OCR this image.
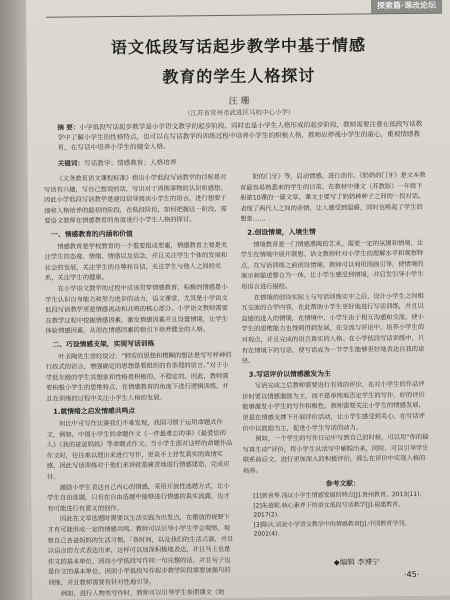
探索篇·课改论坛
语文低段写话起步教学中基于情感
教育的学生人格探讨
汪 珊
（江苏省常州市武进区马杭中心小学）
摘 要：小学低段写话起步教学是小学语文教学的起步阶段，同时也是小学生人格形成的起步阶段，教师需要注意在低段写话教学中了解小学生的性格特点，也可以在写话教学的训练过程中培养小学生的积极人格，教师应停视小学生的童心，重视情感教育，在写话中培养小学生的健全人格。
关键词：写话教学；情感教育；人格培养

《义务教育语文课程标准》指出小学低段写话教学的目标是对写话有兴趣，写自己想说的话，写出对于周围事物的认识和感想。因此小学低段写话教学是建设信导阅读小学生的语言，进行想要于细和人格培养的最初的阶段，在低段阶段，如何把握这一阶段，需要语文教师在情感教育的角度进行小学生人格的探讨。

一、情感教育的内涵和价值

情感教育是学校教育的一个重要组成要素，情感教育主要是关注学生的态度、情绪、情感以及信念，并且关注学生个体的发展和社会的发展，关注学生的自尊和自信，关注学生与他人之间的关系，关注学生的健康。

在小学语文教学的过程中应该贯穿情感教育，积极的情感是小学生认识自身能力和努力进步的动力，语文课堂，尤其是小学语文低段写话教学更是情感流动和共鸣的核心部分。小学语文教师需要在教学过程中挖掘情感因素，激发情感因素并且设置情境，让学生体验情感因素，从而在情感因素的指引下培养健全的人格。

二、巧设情感支架，实现写话训练

叶圣陶先生曾经说过：“假若的思想和模糊的想法是写写样神的行政式的语言，增强确定的思想是看组织的有条理的语言。”对于小学低年级的学生其想象和性格是积极的、不稳定的。因此，教师需要积极小学生的思维特点，在情感教育的角度下进行逻辑训练，并且在训练的过程中关注小学生人格的发展。

1.就情绪之启发情感共鸣点

何比中可写作比赛我们不难发现，我国习惯于运用命题式作文，例如，中国小学生的命题作文《一件最难忘的事》《最爱您的人》《我的爸爸妈妈》等命题式作文。当小学生面对这样的命题作品作文时，往往难以理出来进行写作，更谈不上抒发真实的真情实感，因此写话训练对于他们来讲就是痛苦地进行情感建造，完成应付。

激励小学生表达自己内心的情感，采用开放性选题方式，让小学生自由选题，只有在自由选题中能够进行情感的真实流露，也才有可能进行有意义的创作。

因此在文章选题时需要以生活实践为出发点，在搬放的视野下才有可能形成一定的情感共鸣。教师可以引导小学生学会观察，观察自己各爸妈妈的生活习惯，「各时间，以及我们的生活点滴，并且以语言的方式表达出来，这样可以加深积极地表达，并且马上也是作文的基本单位，因而小学低段写作同一句完整的话，并且句子也是作文的基本单位，因而小学低段写作起步教学阶段需要加强句的训练，并且教师需要有针对性地引导。

例如，进行人物类写作时，教师可以引导学生参照课文《奶

奶的门牙》等，启动情感，进行创作。《奶奶的门牙》是文本教育最容易熟悉来的学生的日常，在教材中课文（苏教版）一年级下册第10课的一篇文章，课文主要写了奶奶种种子之间的一段对话，表现了两代人之间的亲情，让人感受到温暖，同时也唤起了学生的想象……

2.创设情境，入境生情

情境教育是一门情感熏陶的艺术，需要一定的氛围和情境，让学生在情境中展开联想。语文教师针对小学生的理解水平和观察特点，在写话训练之前创设情境。教师可以利用图画引导，使情境的演示和描述整合为一体，让小学生感受到情境，并启发引导小学生用语言进行描绘。

在情境的创设实际上与写话训练实中之后，设计小学生之间相互交流的合学内容，在此帮助小学生更好地进行写话训练，并且以直接的进入的情境，在情境中，小学生由于相互沟通和交流，使小学生的思维能力也得到得到发展，在交流与评论中，培养小学生的对观点，并且完成的语言真实的人格。在小学低段写话训练中，只有在情境下的写话，使写话成为一节学生能够更好地表达自我的途径。

3.写话评价以情感激发为主

写话完成之后教师需要进行有效的评价，在对小学生的作品评价时要以情感激励为主，而不是单纯地否定学生的写作，好的评价能够激发小学生的写作积极性，教师需要关注小学生的情感发展，更是在情感支撑下开展评价活动，让小学生感受到关心，在写话评价中以鼓励为主，促进小学生写话的动力。

例如，一个学生的写作日记中写到自己的时候，可以用“你的描写真生动”评价，将小学生从话写中解脱出来，同时，可以引导学生联系前后文，进行更加深入的积极评价，那么在评价中实现人格的培养。

参考文献：

[1]黄善琴.浅议小学生情感发展的特点[J].贵州教育，2013(11).

[2]朱蓓妮.核心素养下的语文低段写话教学[J].福建教育，2017(2).

[3]陈庆.试论小学语文教学中的情感教育[J].中国教育学刊，2001(4).

◆编辑 李博宁
·45·
